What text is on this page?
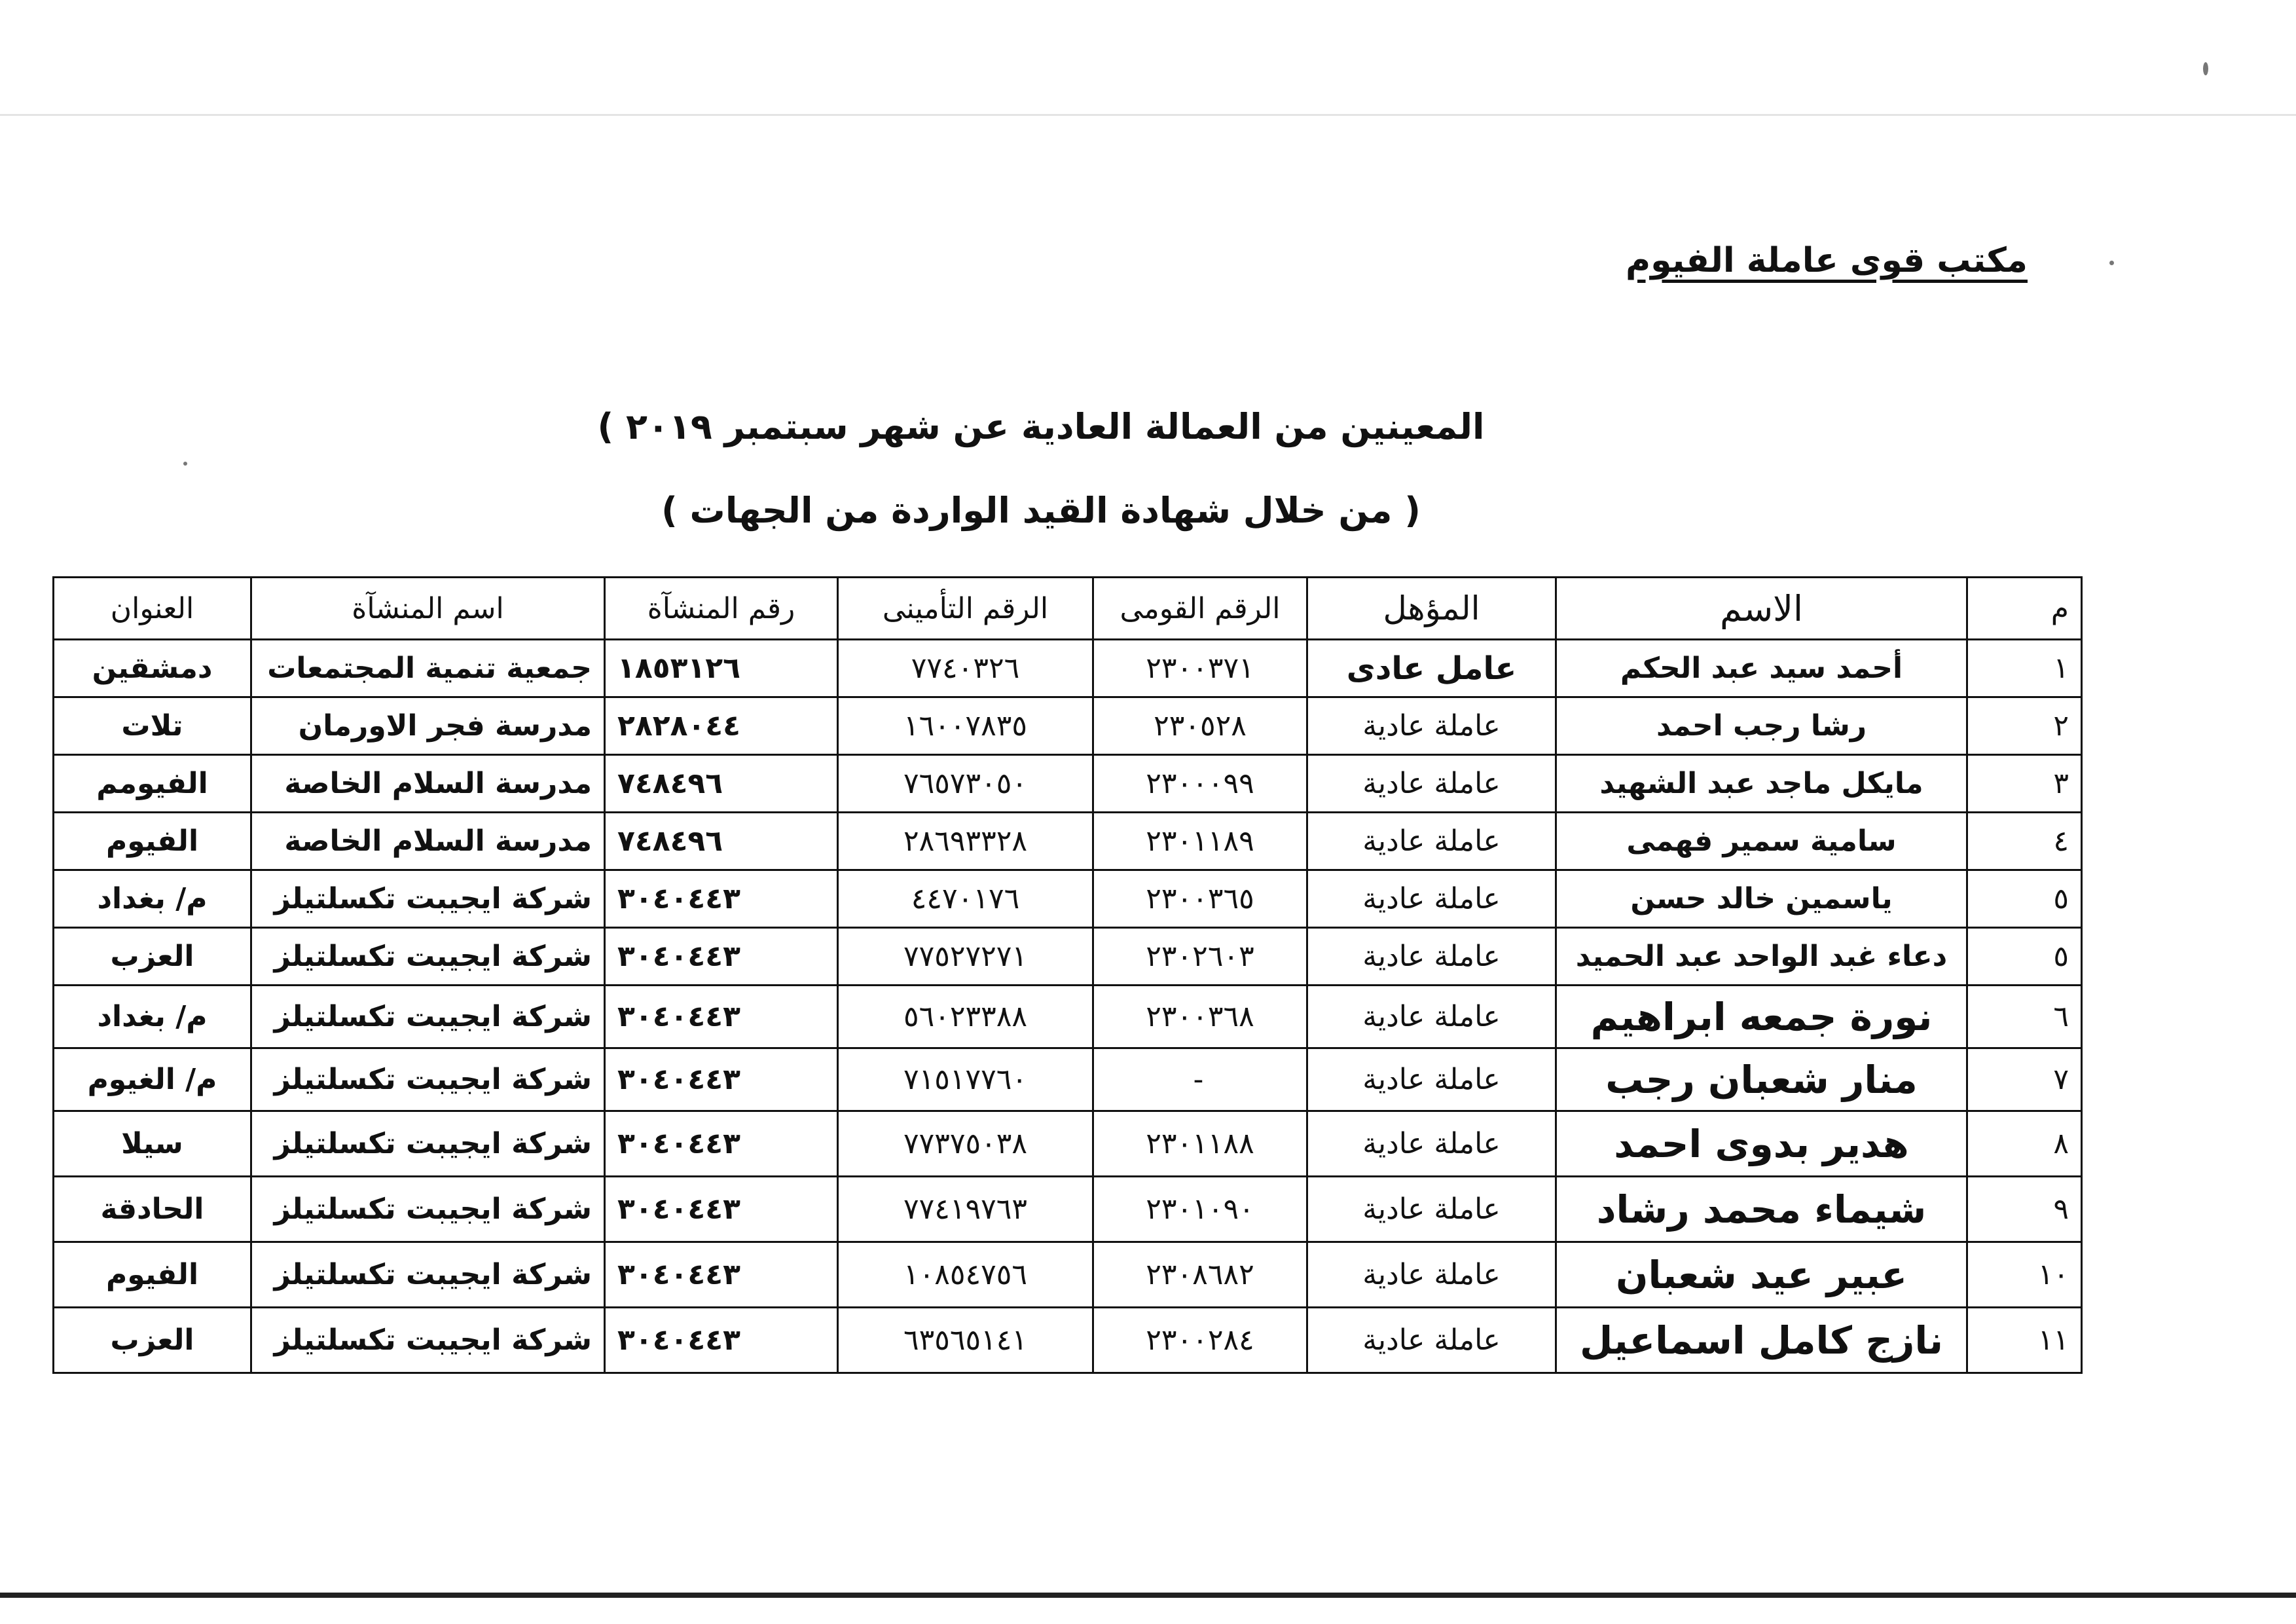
مكتب قوى عاملة الفيوم
المعينين من العمالة العادية عن شهر سبتمبر ٢٠١٩ )
( من خلال شهادة القيد الواردة من الجهات )
م	الاسم	المؤهل	الرقم القومى	الرقم التأمينى	رقم المنشآة	اسم المنشآة	العنوان
١	أحمد سيد عبد الحكم	عامل عادى	٢٣٠٠٣٧١	٧٧٤٠٣٢٦	١٨٥٣١٢٦	جمعية تنمية المجتمعات	دمشقين
٢	رشا رجب احمد	عاملة عادية	٢٣٠٥٢٨	١٦٠٠٧٨٣٥	٢٨٢٨٠٤٤	مدرسة فجر الاورمان	تلات
٣	مايكل ماجد عبد الشهيد	عاملة عادية	٢٣٠٠٠٩٩	٧٦٥٧٣٠٥٠	٧٤٨٤٩٦	مدرسة السلام الخاصة	الفيومم
٤	سامية سمير فهمى	عاملة عادية	٢٣٠١١٨٩	٢٨٦٩٣٣٢٨	٧٤٨٤٩٦	مدرسة السلام الخاصة	الفيوم
٥	ياسمين خالد حسن	عاملة عادية	٢٣٠٠٣٦٥	٤٤٧٠١٧٦	٣٠٤٠٤٤٣	شركة ايجيبت تكسلتيلز	م/ بغداد
٥	دعاء غبد الواحد عبد الحميد	عاملة عادية	٢٣٠٢٦٠٣	٧٧٥٢٧٢٧١	٣٠٤٠٤٤٣	شركة ايجيبت تكسلتيلز	العزب
٦	نورة جمعه ابراهيم	عاملة عادية	٢٣٠٠٣٦٨	٥٦٠٢٣٣٨٨	٣٠٤٠٤٤٣	شركة ايجيبت تكسلتيلز	م/ بغداد
٧	منار شعبان رجب	عاملة عادية	-	٧١٥١٧٧٦٠	٣٠٤٠٤٤٣	شركة ايجيبت تكسلتيلز	م/ الغيوم
٨	هدير بدوى احمد	عاملة عادية	٢٣٠١١٨٨	٧٧٣٧٥٠٣٨	٣٠٤٠٤٤٣	شركة ايجيبت تكسلتيلز	سيلا
٩	شيماء محمد رشاد	عاملة عادية	٢٣٠١٠٩٠	٧٧٤١٩٧٦٣	٣٠٤٠٤٤٣	شركة ايجيبت تكسلتيلز	الحادقة
١٠	عبير عيد شعبان	عاملة عادية	٢٣٠٨٦٨٢	١٠٨٥٤٧٥٦	٣٠٤٠٤٤٣	شركة ايجيبت تكسلتيلز	الفيوم
١١	نازج كامل اسماعيل	عاملة عادية	٢٣٠٠٢٨٤	٦٣٥٦٥١٤١	٣٠٤٠٤٤٣	شركة ايجيبت تكسلتيلز	العزب
